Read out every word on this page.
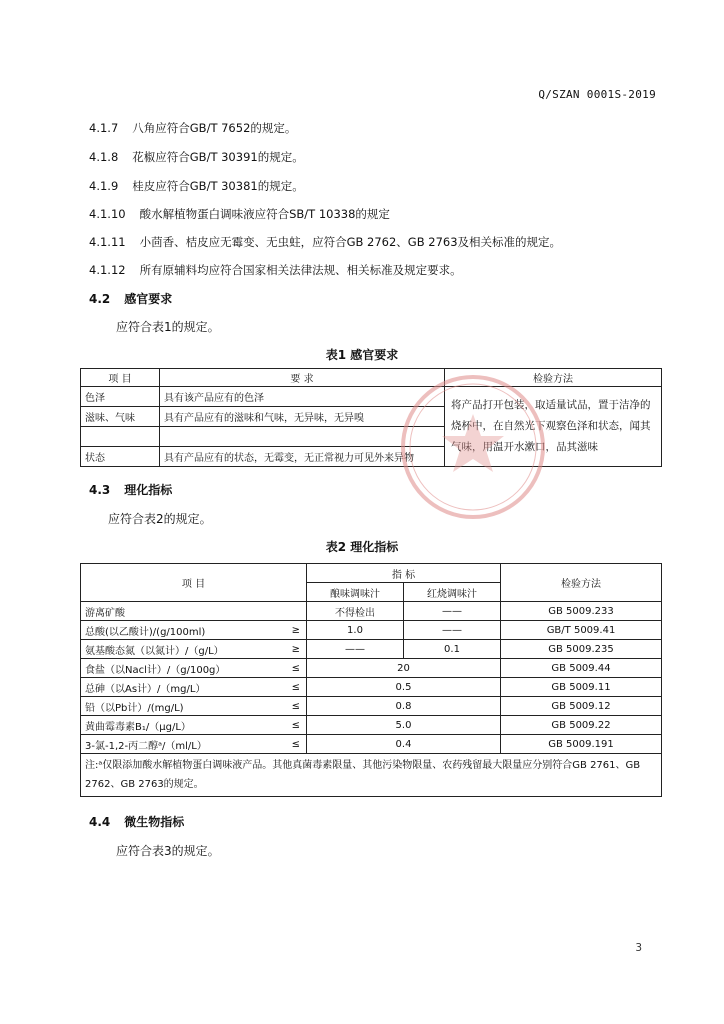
Q/SZAN 0001S-2019
4.1.7 八角应符合GB/T 7652的规定。
4.1.8 花椒应符合GB/T 30391的规定。
4.1.9 桂皮应符合GB/T 30381的规定。
4.1.10 酸水解植物蛋白调味液应符合SB/T 10338的规定
4.1.11 小茴香、桔皮应无霉变、无虫蛀，应符合GB 2762、GB 2763及相关标准的规定。
4.1.12 所有原辅料均应符合国家相关法律法规、相关标准及规定要求。
4.2 感官要求
应符合表1的规定。
表1 感官要求
项 目	要 求	检验方法
色泽	具有该产品应有的色泽	将产品打开包装，取适量试品，置于洁净的烧杯中，在自然光下观察色泽和状态，闻其气味，用温开水漱口，品其滋味
滋味、气味	具有产品应有的滋味和气味，无异味，无异嗅	

状态	具有产品应有的状态，无霉变，无正常视力可见外来异物	
4.3 理化指标
应符合表2的规定。
表2 理化指标
项 目		指 标		检验方法
		酿味调味汁	红烧调味汁	
游离矿酸		不得检出	——	GB 5009.233
总酸(以乙酸计)/(g/100ml)	≥	1.0	——	GB/T 5009.41
氨基酸态氮（以氮计）/（g/L）	≥	——	0.1	GB 5009.235
食盐（以Nacl计）/（g/100g）	≤	20		GB 5009.44
总砷（以As计）/（mg/L）	≤	0.5		GB 5009.11
铅（以Pb计）/(mg/L)	≤	0.8		GB 5009.12
黄曲霉毒素B₁/（μg/L）	≤	5.0		GB 5009.22
3-氯-1,2-丙二醇ᵃ/（ml/L）	≤	0.4		GB 5009.191
注:ᵃ仅限添加酸水解植物蛋白调味液产品。其他真菌毒素限量、其他污染物限量、农药残留最大限量应分别符合GB 2761、GB 2762、GB 2763的规定。				
4.4 微生物指标
应符合表3的规定。
3
